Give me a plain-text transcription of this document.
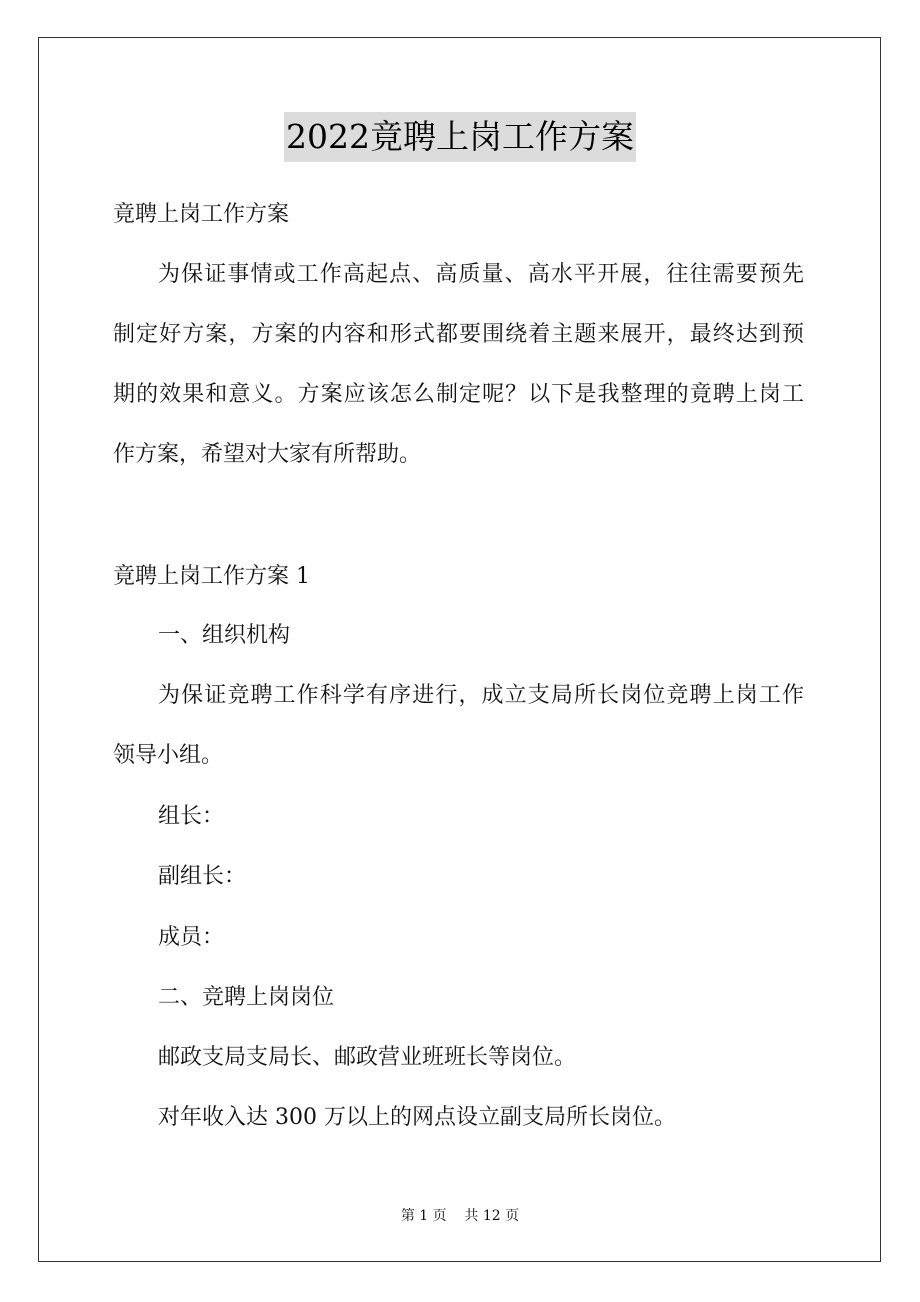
2022竟聘上岗工作方案
竟聘上岗工作方案
为保证事情或工作高起点、高质量、高水平开展，往往需要预先
制定好方案，方案的内容和形式都要围绕着主题来展开，最终达到预
期的效果和意义。方案应该怎么制定呢？以下是我整理的竟聘上岗工
作方案，希望对大家有所帮助。
竟聘上岗工作方案 1
一、组织机构
为保证竞聘工作科学有序进行，成立支局所长岗位竞聘上岗工作
领导小组。
组长：
副组长：
成员：
二、竞聘上岗岗位
邮政支局支局长、邮政营业班班长等岗位。
对年收入达 300 万以上的网点设立副支局所长岗位。
第 1 页    共 12 页
